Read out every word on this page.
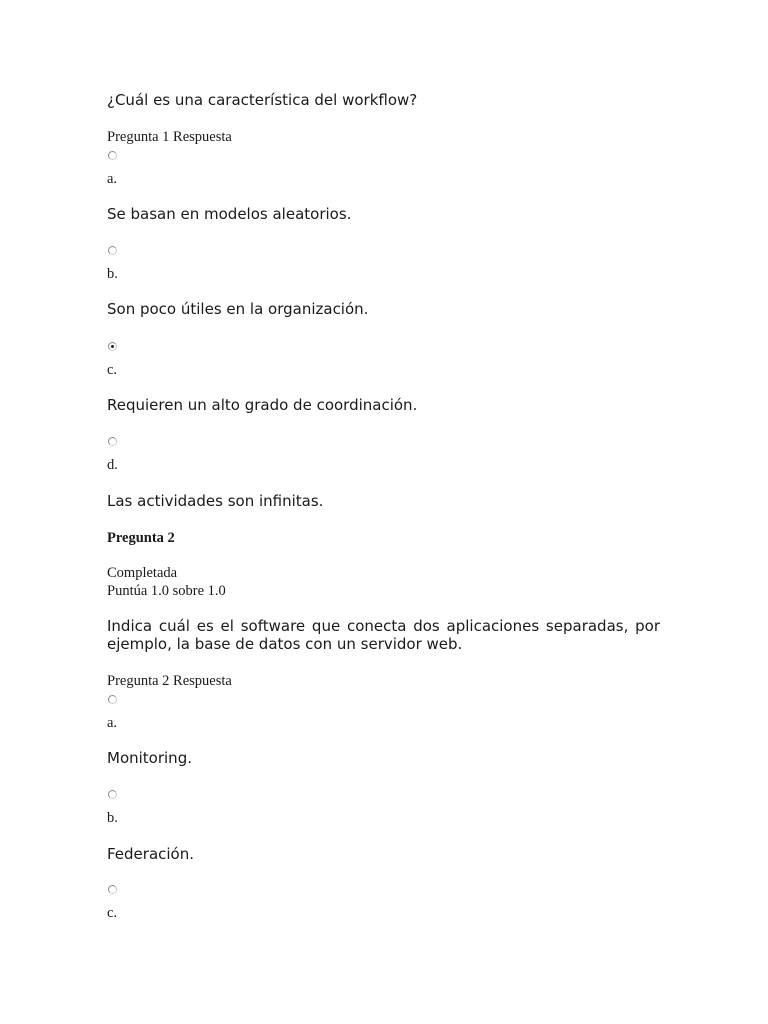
¿Cuál es una característica del workflow?
Pregunta 1 Respuesta
a.
Se basan en modelos aleatorios.
b.
Son poco útiles en la organización.
c.
Requieren un alto grado de coordinación.
d.
Las actividades son infinitas.
Pregunta 2
Completada
Puntúa 1.0 sobre 1.0
Indica cuál es el software que conecta dos aplicaciones separadas, por ejemplo, la base de datos con un servidor web.
Pregunta 2 Respuesta
a.
Monitoring.
b.
Federación.
c.
